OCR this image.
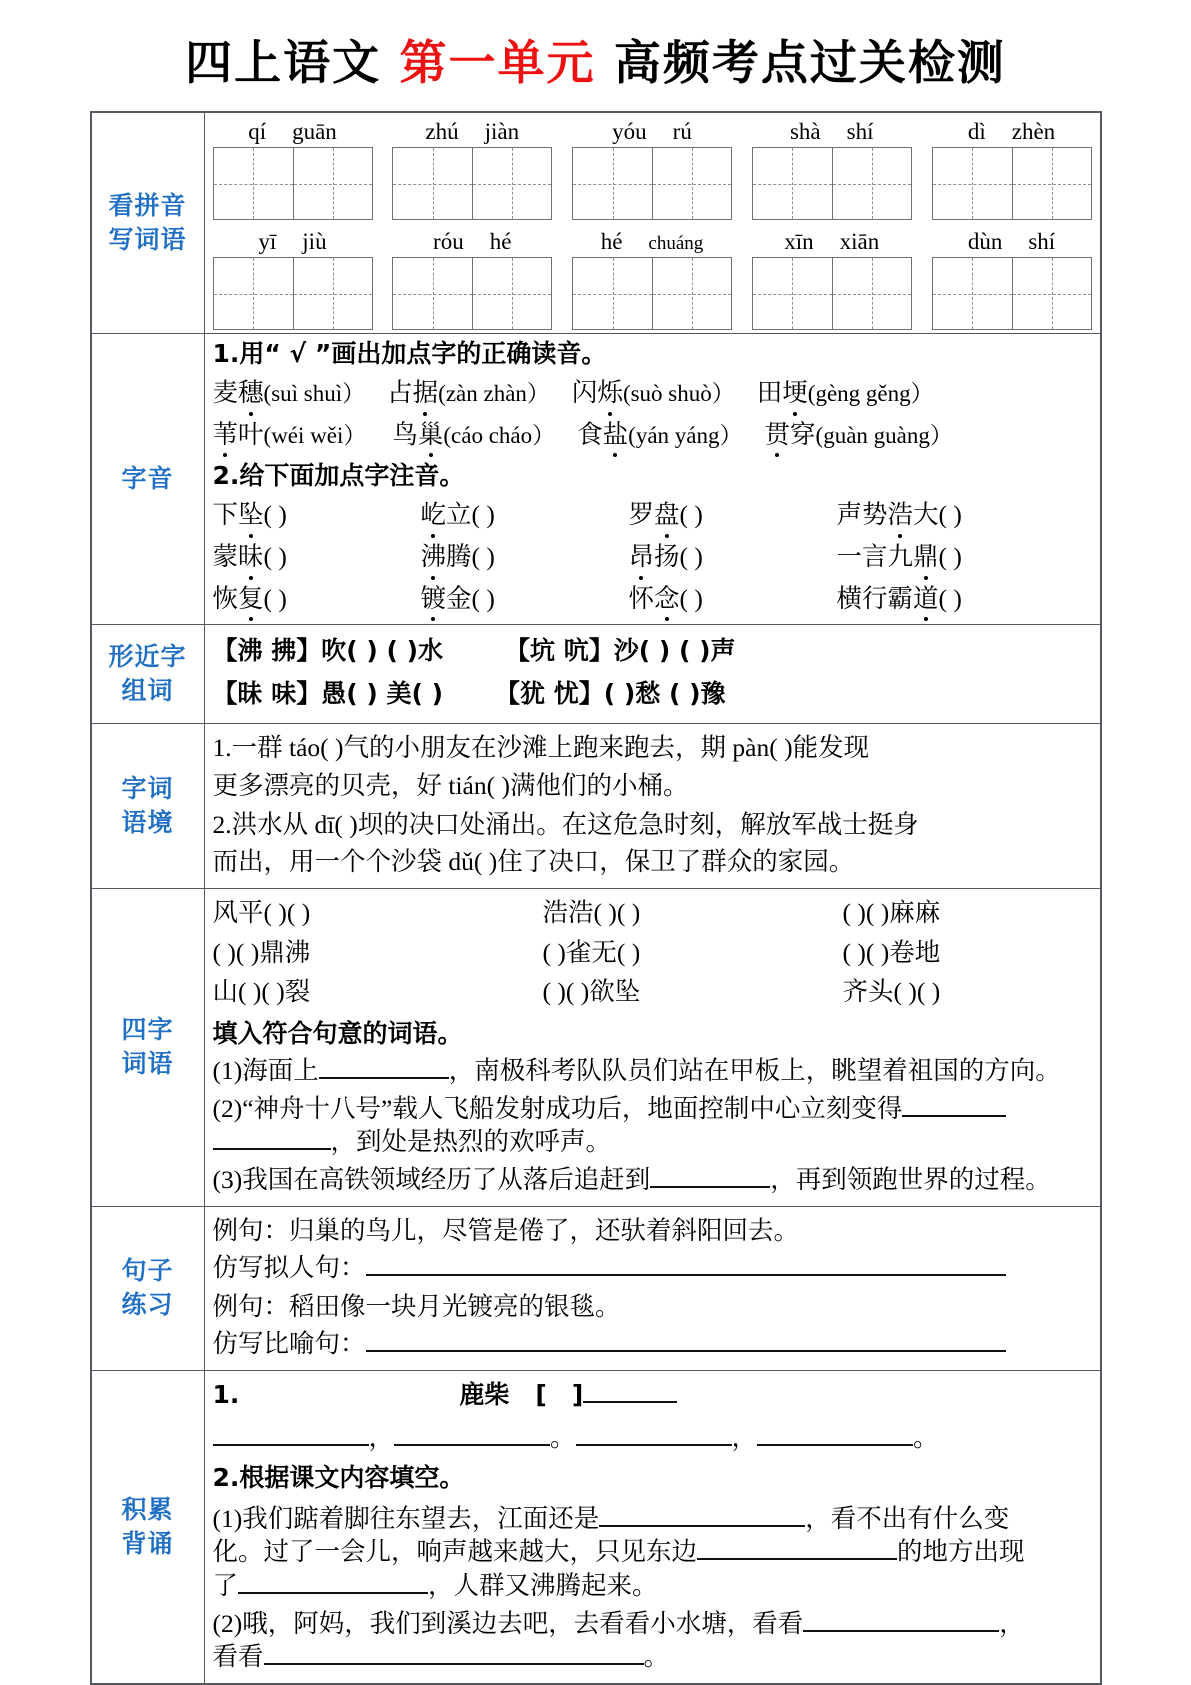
四上语文 第一单元 高频考点过关检测
看拼音
写词语

qí guān	zhú jiàn	yóu rú	shà shí	dì zhèn
yī jiù	róu hé	hé chuáng	xīn xiān	dùn shí

字音

1.用“ √ ”画出加点字的正确读音。
麦穗(suì shuì） 占据(zàn zhàn） 闪烁(suò shuò） 田埂(gèng gěng）
苇叶(wéi wěi） 鸟巢(cáo cháo） 食盐(yán yáng） 贯穿(guàn guàng）
2.给下面加点字注音。
下坠( )	屹立( )	罗盘( )	声势浩大( )
蒙昧( )	沸腾( )	昂扬( )	一言九鼎( )
恢复( )	镀金( )	怀念( )	横行霸道( )

形近字
组词

【沸 拂】吹( ) ( )水 【坑 吭】沙( ) ( )声
【昧 味】愚( ) 美( ) 【犹 忧】( )愁 ( )豫

字词
语境

1.一群 táo( )气的小朋友在沙滩上跑来跑去，期 pàn( )能发现
更多漂亮的贝壳，好 tián( )满他们的小桶。
2.洪水从 dī( )坝的决口处涌出。在这危急时刻，解放军战士挺身
而出，用一个个沙袋 dǔ( )住了决口，保卫了群众的家园。

四字
词语

风平( )( )	浩浩( )( )	( )( )麻麻
( )( )鼎沸	( )雀无( )	( )( )卷地
山( )( )裂	( )( )欲坠	齐头( )( )
填入符合句意的词语。
(1)海面上	，南极科考队队员们站在甲板上，眺望着祖国的方向。
(2)“神舟十八号”载人飞船发射成功后，地面控制中心立刻变得
，到处是热烈的欢呼声。
(3)我国在高铁领域经历了从落后追赶到	，再到领跑世界的过程。

句子
练习

例句：归巢的鸟儿，尽管是倦了，还驮着斜阳回去。
仿写拟人句：
例句：稻田像一块月光镀亮的银毯。
仿写比喻句：

积累
背诵

1.	鹿柴 [　]
，	。	，	。
2.根据课文内容填空。
(1)我们踮着脚往东望去，江面还是	，看不出有什么变
化。过了一会儿，响声越来越大，只见东边	的地方出现
了	，人群又沸腾起来。
(2)哦，阿妈，我们到溪边去吧，去看看小水塘，看看	，
看看	。
